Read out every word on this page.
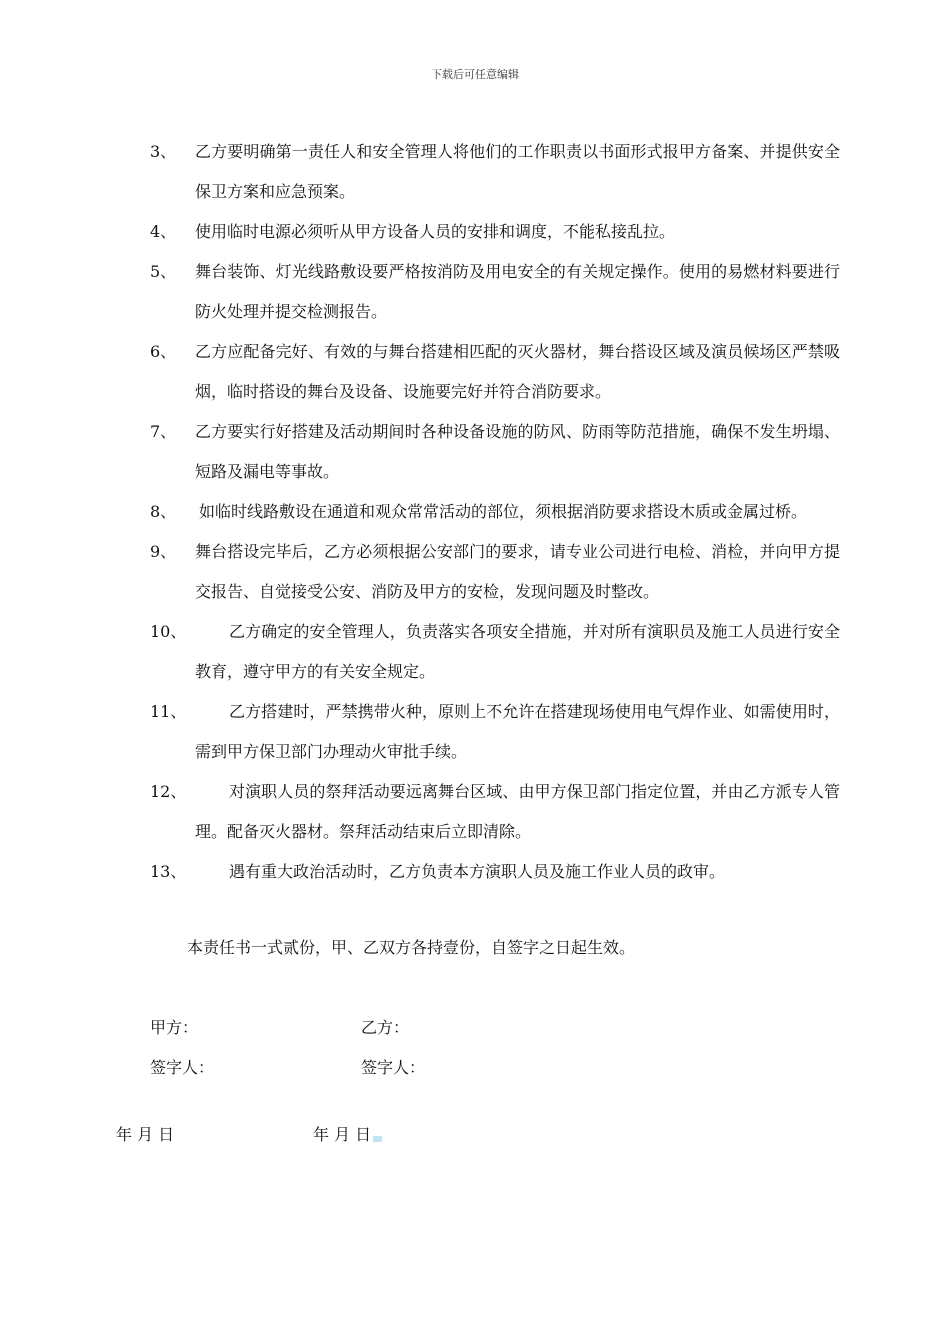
下载后可任意编辑
3、 乙方要明确第一责任人和安全管理人将他们的工作职责以书面形式报甲方备案、并提供安全保卫方案和应急预案。
4、 使用临时电源必须听从甲方设备人员的安排和调度，不能私接乱拉。
5、 舞台装饰、灯光线路敷设要严格按消防及用电安全的有关规定操作。使用的易燃材料要进行防火处理并提交检测报告。
6、 乙方应配备完好、有效的与舞台搭建相匹配的灭火器材，舞台搭设区域及演员候场区严禁吸烟，临时搭设的舞台及设备、设施要完好并符合消防要求。
7、 乙方要实行好搭建及活动期间时各种设备设施的防风、防雨等防范措施，确保不发生坍塌、短路及漏电等事故。
8、 如临时线路敷设在通道和观众常常活动的部位，须根据消防要求搭设木质或金属过桥。
9、 舞台搭设完毕后，乙方必须根据公安部门的要求，请专业公司进行电检、消检，并向甲方提交报告、自觉接受公安、消防及甲方的安检，发现问题及时整改。
10、	乙方确定的安全管理人，负责落实各项安全措施，并对所有演职员及施工人员进行安全教育，遵守甲方的有关安全规定。
11、	乙方搭建时，严禁携带火种，原则上不允许在搭建现场使用电气焊作业、如需使用时，需到甲方保卫部门办理动火审批手续。
12、	对演职人员的祭拜活动要远离舞台区域、由甲方保卫部门指定位置，并由乙方派专人管理。配备灭火器材。祭拜活动结束后立即清除。
13、	遇有重大政治活动时，乙方负责本方演职人员及施工作业人员的政审。
本责任书一式贰份，甲、乙双方各持壹份，自签字之日起生效。
甲方：	乙方：
签字人：	签字人：
年 月 日	年 月 日
